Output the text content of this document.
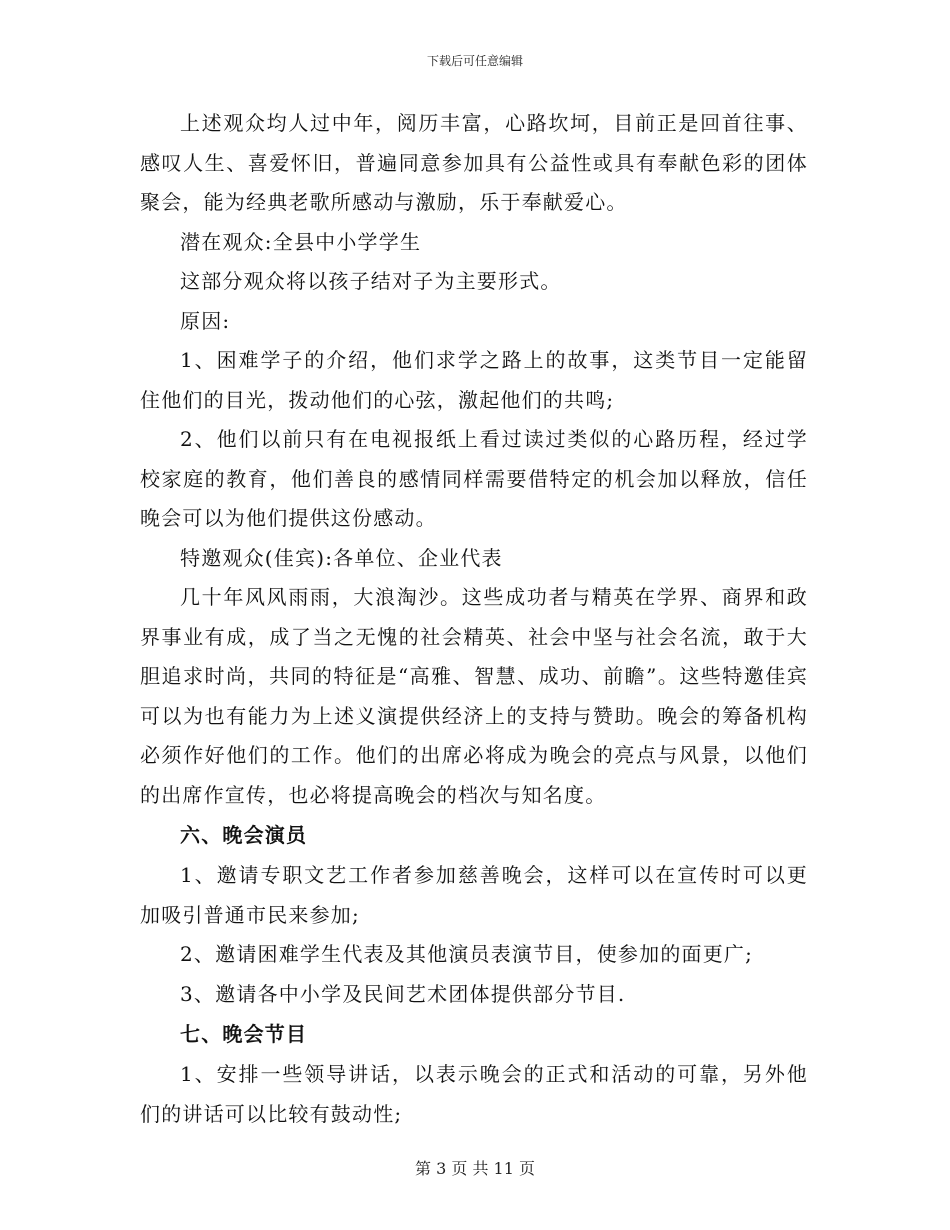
下载后可任意编辑

上述观众均人过中年，阅历丰富，心路坎坷，目前正是回首往事、感叹人生、喜爱怀旧，普遍同意参加具有公益性或具有奉献色彩的团体聚会，能为经典老歌所感动与激励，乐于奉献爱心。

潜在观众:全县中小学学生

这部分观众将以孩子结对子为主要形式。

原因:

1、困难学子的介绍，他们求学之路上的故事，这类节目一定能留住他们的目光，拨动他们的心弦，激起他们的共鸣;

2、他们以前只有在电视报纸上看过读过类似的心路历程，经过学校家庭的教育，他们善良的感情同样需要借特定的机会加以释放，信任晚会可以为他们提供这份感动。

特邀观众(佳宾):各单位、企业代表

几十年风风雨雨，大浪淘沙。这些成功者与精英在学界、商界和政界事业有成，成了当之无愧的社会精英、社会中坚与社会名流，敢于大胆追求时尚，共同的特征是“高雅、智慧、成功、前瞻”。这些特邀佳宾可以为也有能力为上述义演提供经济上的支持与赞助。晚会的筹备机构必须作好他们的工作。他们的出席必将成为晚会的亮点与风景，以他们的出席作宣传，也必将提高晚会的档次与知名度。

六、晚会演员

1、邀请专职文艺工作者参加慈善晚会，这样可以在宣传时可以更加吸引普通市民来参加;

2、邀请困难学生代表及其他演员表演节目，使参加的面更广;

3、邀请各中小学及民间艺术团体提供部分节目.

七、晚会节目

1、安排一些领导讲话，以表示晚会的正式和活动的可靠，另外他们的讲话可以比较有鼓动性;

第 3 页 共 11 页
